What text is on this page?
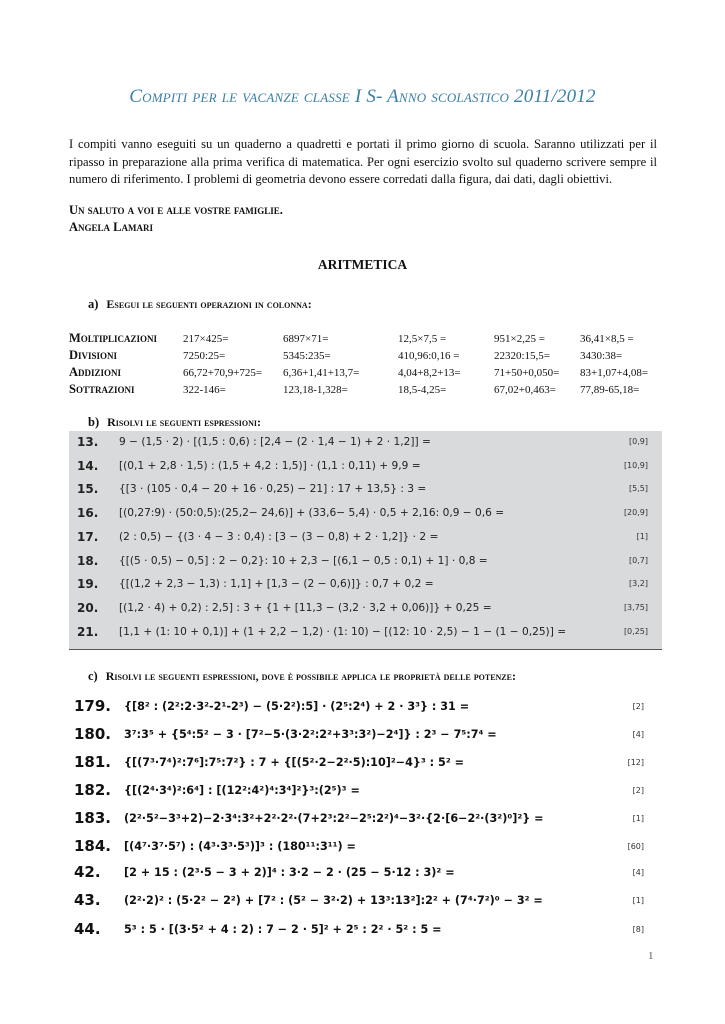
Compiti per le vacanze classe I S- Anno scolastico 2011/2012
I compiti vanno eseguiti su un quaderno a quadretti e portati il primo giorno di scuola. Saranno utilizzati per il ripasso in preparazione alla prima verifica di matematica. Per ogni esercizio svolto sul quaderno scrivere sempre il numero di riferimento. I problemi di geometria devono essere corredati dalla figura, dai dati, dagli obiettivi.
Un saluto a voi e alle vostre famiglie.
Angela Lamari
ARITMETICA
a) Esegui le seguenti operazioni in colonna:
Moltiplicazioni	217×425=	6897×71=	12,5×7,5 =	951×2,25 =	36,41×8,5 =
Divisioni	7250:25=	5345:235=	410,96:0,16 =	22320:15,5=	3430:38=
Addizioni	66,72+70,9+725=	6,36+1,41+13,7=	4,04+8,2+13=	71+50+0,050=	83+1,07+4,08=
Sottrazioni	322-146=	123,18-1,328=	18,5-4,25=	67,02+0,463=	77,89-65,18=
b) Risolvi le seguenti espressioni:
13. 9 − (1,5 · 2) · [(1,5 : 0,6) : [2,4 − (2 · 1,4 − 1) + 2 · 1,2]] =	[0,9]
14. [(0,1 + 2,8 · 1,5) : (1,5 + 4,2 : 1,5)] · (1,1 : 0,11) + 9,9 =	[10,9]
15. {[3 · (105 · 0,4 − 20 + 16 · 0,25) − 21] : 17 + 13,5} : 3 =	[5,5]
16. [(0,27:9) · (50:0,5):(25,2− 24,6)] + (33,6− 5,4) · 0,5 + 2,16: 0,9 − 0,6 =	[20,9]
17. (2 : 0,5) − {(3 · 4 − 3 : 0,4) : [3 − (3 − 0,8) + 2 · 1,2]} · 2 =	[1]
18. {[(5 · 0,5) − 0,5] : 2 − 0,2}: 10 + 2,3 − [(6,1 − 0,5 : 0,1) + 1] · 0,8 =	[0,7]
19. {[(1,2 + 2,3 − 1,3) : 1,1] + [1,3 − (2 − 0,6)]} : 0,7 + 0,2 =	[3,2]
20. [(1,2 · 4) + 0,2) : 2,5] : 3 + {1 + [11,3 − (3,2 · 3,2 + 0,06)]} + 0,25 =	[3,75]
21. [1,1 + (1: 10 + 0,1)] + (1 + 2,2 − 1,2) · (1: 10) − [(12: 10 · 2,5) − 1 − (1 − 0,25)] =	[0,25]
c) Risolvi le seguenti espressioni, dove è possibile applica le proprietà delle potenze:
179. {[8² : (2²:2·3²-2¹-2³) − (5·2²):5] · (2⁵:2⁴) + 2 · 3³} : 31 =	[2]
180. 3⁷:3⁵ + {5⁴:5² − 3 · [7²−5·(3·2²:2²+3³:3²)−2⁴]} : 2³ − 7⁵:7⁴ =	[4]
181. {[(7³·7⁴)²:7⁶]:7⁵:7²} : 7 + {[(5²·2−2²·5):10]²−4}³ : 5² =	[12]
182. {[(2⁴·3⁴)²:6⁴] : [(12²:4²)⁴:3⁴]²}³:(2⁵)³ =	[2]
183. (2²·5²−3³+2)−2·3⁴:3²+2²·2²·(7+2³:2²−2⁵:2²)⁴−3²·{2·[6−2²·(3²)⁰]²} =	[1]
184. [(4⁷·3⁷·5⁷) : (4³·3³·5³)]³ : (180¹¹:3¹¹) =	[60]
42. [2 + 15 : (2³·5 − 3 + 2)]⁴ : 3·2 − 2 · (25 − 5·12 : 3)² =	[4]
43. (2²·2)² : (5·2² − 2²) + [7² : (5² − 3²·2) + 13³:13²]:2² + (7⁴·7²)⁰ − 3² =	[1]
44. 5³ : 5 · [(3·5² + 4 : 2) : 7 − 2 · 5]² + 2⁵ : 2² · 5² : 5 =	[8]
1
